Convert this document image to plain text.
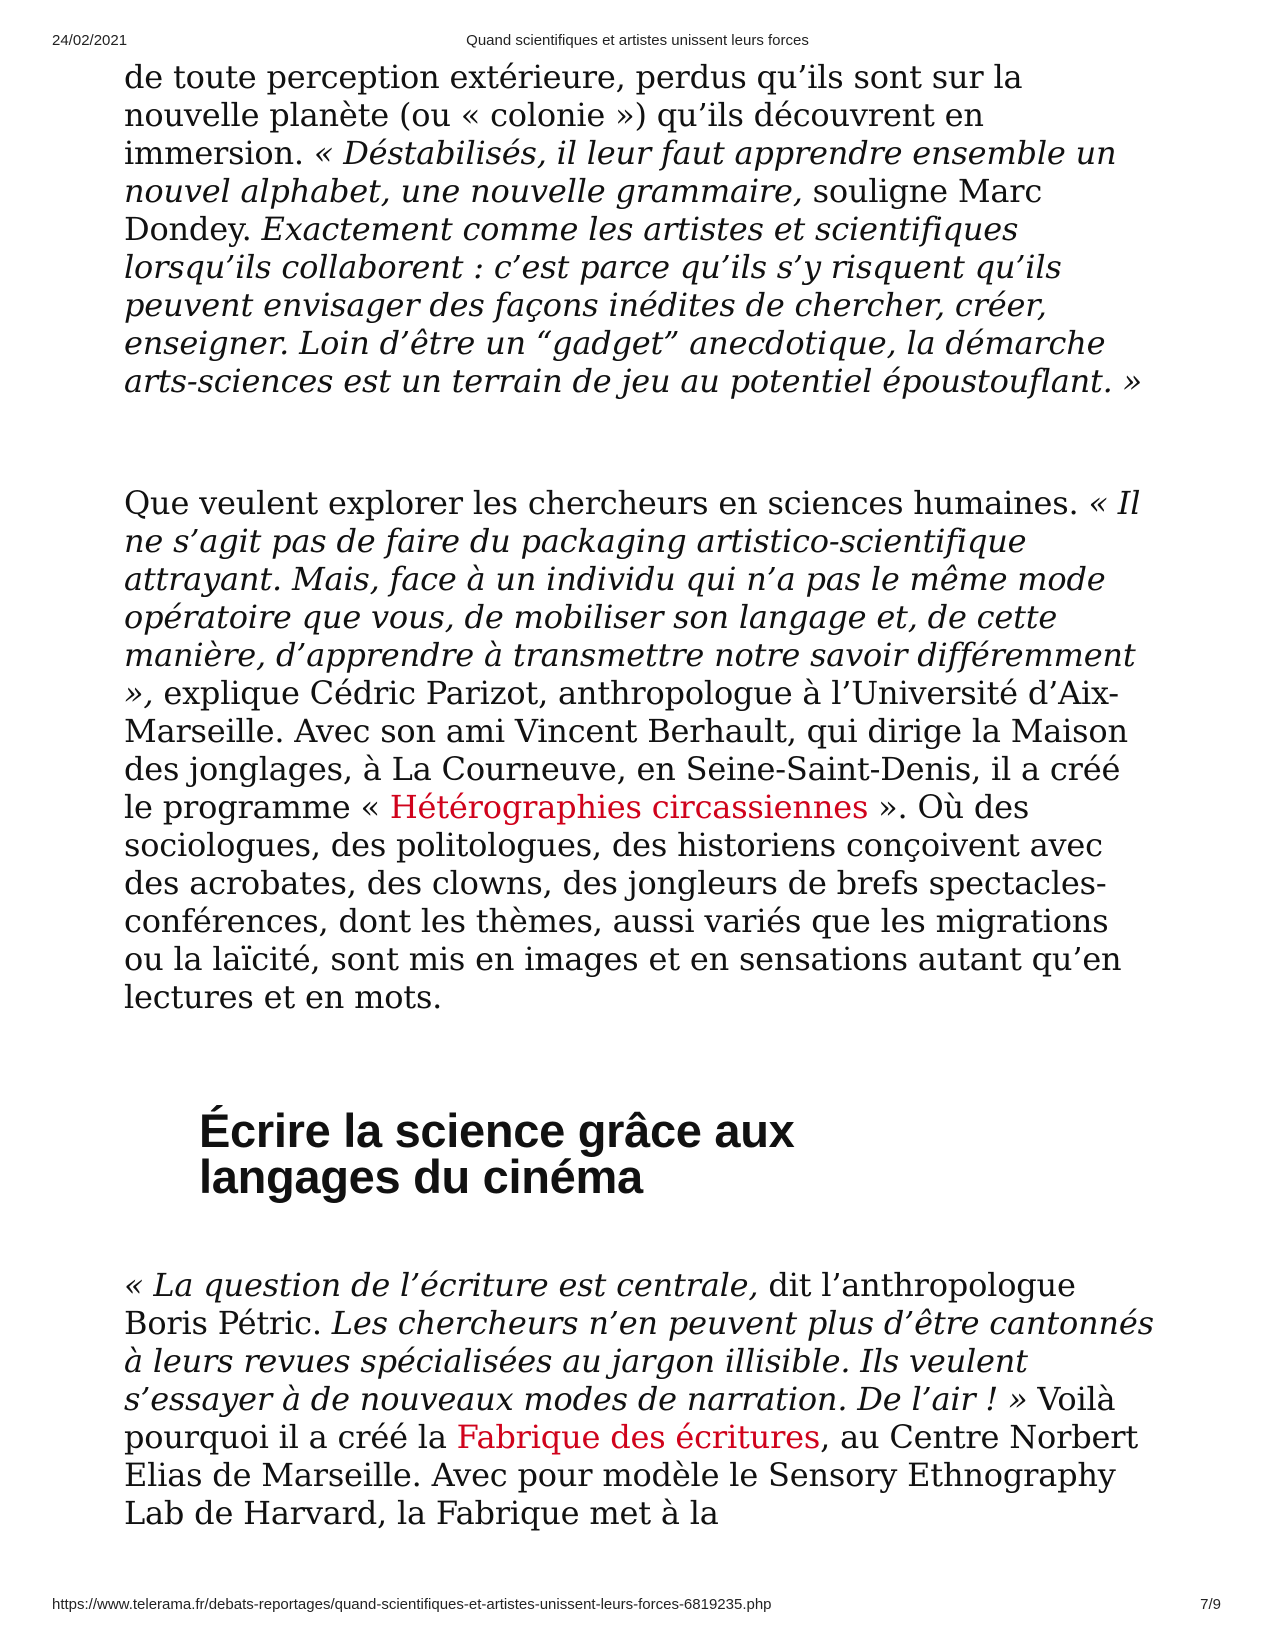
24/02/2021	Quand scientifiques et artistes unissent leurs forces

de toute perception extérieure, perdus qu’ils sont sur la nouvelle planète (ou « colonie ») qu’ils découvrent en immersion. « Déstabilisés, il leur faut apprendre ensemble un nouvel alphabet, une nouvelle grammaire, souligne Marc Dondey. Exactement comme les artistes et scientifiques lorsqu’ils collaborent : c’est parce qu’ils s’y risquent qu’ils peuvent envisager des façons inédites de chercher, créer, enseigner. Loin d’être un “gadget” anecdotique, la démarche arts-sciences est un terrain de jeu au potentiel époustouflant. »

Que veulent explorer les chercheurs en sciences humaines. « Il ne s’agit pas de faire du packaging artistico-scientifique attrayant. Mais, face à un individu qui n’a pas le même mode opératoire que vous, de mobiliser son langage et, de cette manière, d’apprendre à transmettre notre savoir différemment », explique Cédric Parizot, anthropologue à l’Université d’Aix-Marseille. Avec son ami Vincent Berhault, qui dirige la Maison des jonglages, à La Courneuve, en Seine-Saint-Denis, il a créé le programme « Hétérographies circassiennes ». Où des sociologues, des politologues, des historiens conçoivent avec des acrobates, des clowns, des jongleurs de brefs spectacles-conférences, dont les thèmes, aussi variés que les migrations ou la laïcité, sont mis en images et en sensations autant qu’en lectures et en mots.

Écrire la science grâce aux langages du cinéma

« La question de l’écriture est centrale, dit l’anthropologue Boris Pétric. Les chercheurs n’en peuvent plus d’être cantonnés à leurs revues spécialisées au jargon illisible. Ils veulent s’essayer à de nouveaux modes de narration. De l’air ! » Voilà pourquoi il a créé la Fabrique des écritures, au Centre Norbert Elias de Marseille. Avec pour modèle le Sensory Ethnography Lab de Harvard, la Fabrique met à la

https://www.telerama.fr/debats-reportages/quand-scientifiques-et-artistes-unissent-leurs-forces-6819235.php	7/9
